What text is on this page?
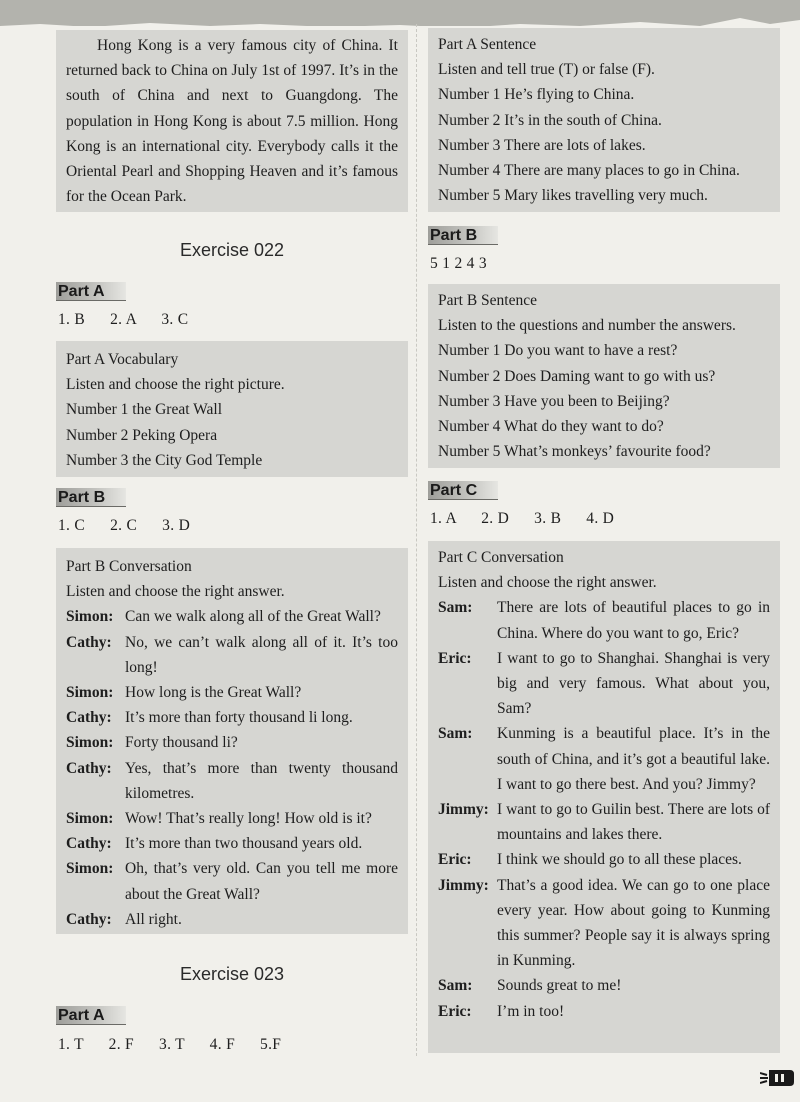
Hong Kong is a very famous city of China. It returned back to China on July 1st of 1997. It’s in the south of China and next to Guangdong. The population in Hong Kong is about 7.5 million. Hong Kong is an international city. Everybody calls it the Oriental Pearl and Shopping Heaven and it’s famous for the Ocean Park.
Exercise 022
Part A
1. B      2. A      3. C
Part A Vocabulary
Listen and choose the right picture.
Number 1 the Great Wall
Number 2 Peking Opera
Number 3 the City God Temple
Part B
1. C      2. C      3. D
Part B Conversation
Listen and choose the right answer.
Simon: Can we walk along all of the Great Wall?
Cathy: No, we can’t walk along all of it. It’s too long!
Simon: How long is the Great Wall?
Cathy: It’s more than forty thousand li long.
Simon: Forty thousand li?
Cathy: Yes, that’s more than twenty thousand kilometres.
Simon: Wow! That’s really long! How old is it?
Cathy: It’s more than two thousand years old.
Simon: Oh, that’s very old. Can you tell me more about the Great Wall?
Cathy: All right.
Exercise 023
Part A
1. T      2. F      3. T      4. F      5.F
Part A Sentence
Listen and tell true (T) or false (F).
Number 1 He’s flying to China.
Number 2 It’s in the south of China.
Number 3 There are lots of lakes.
Number 4 There are many places to go in China.
Number 5 Mary likes travelling very much.
Part B
5 1 2 4 3
Part B Sentence
Listen to the questions and number the answers.
Number 1 Do you want to have a rest?
Number 2 Does Daming want to go with us?
Number 3 Have you been to Beijing?
Number 4 What do they want to do?
Number 5 What’s monkeys’ favourite food?
Part C
1. A      2. D      3. B      4. D
Part C Conversation
Listen and choose the right answer.
Sam:	There are lots of beautiful places to go in China. Where do you want to go, Eric?
Eric:	I want to go to Shanghai. Shanghai is very big and very famous. What about you, Sam?
Sam:	Kunming is a beautiful place. It’s in the south of China, and it’s got a beautiful lake. I want to go there best. And you? Jimmy?
Jimmy: I want to go to Guilin best. There are lots of mountains and lakes there.
Eric:	I think we should go to all these places.
Jimmy: That’s a good idea. We can go to one place every year. How about going to Kunming this summer? People say it is always spring in Kunming.
Sam:	Sounds great to me!
Eric:	I’m in too!
